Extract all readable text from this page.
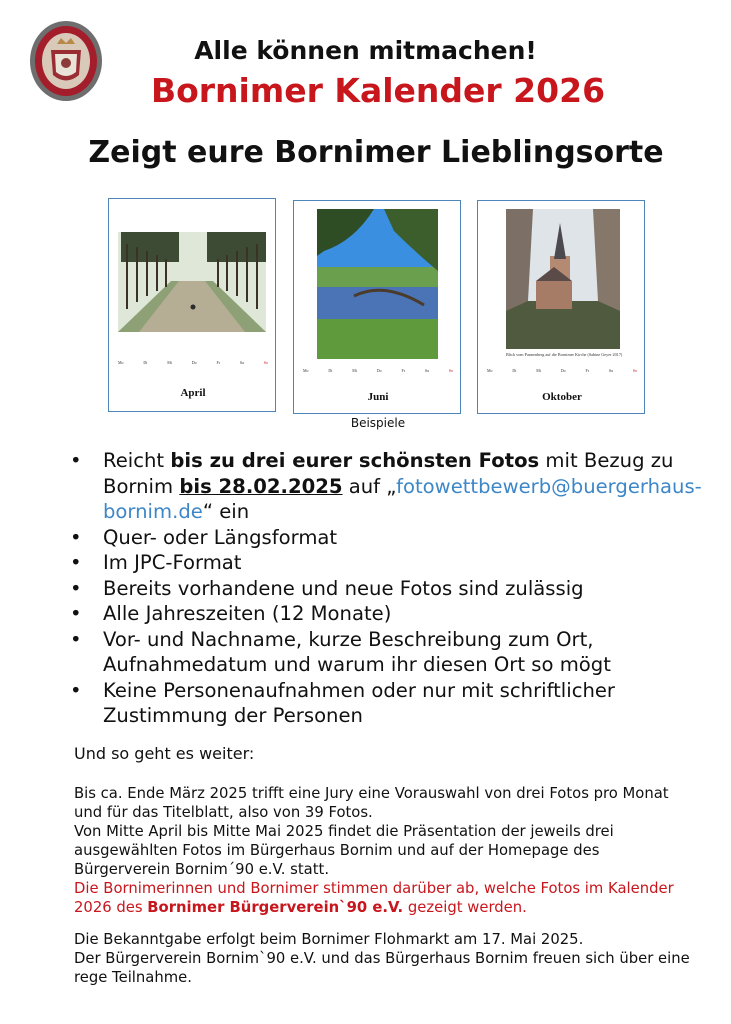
Alle können mitmachen!
Bornimer Kalender 2026
Zeigt eure Bornimer Lieblingsorte
Mo	Di	Mi	Do	Fr	Sa	So
April
Mo	Di	Mi	Do	Fr	Sa	So
Juni
Blick vom Pannenberg auf die Bornimer Kirche (Sabine Geyer 2017)
Mo	Di	Mi	Do	Fr	Sa	So
Oktober
Beispiele
• Reicht bis zu drei eurer schönsten Fotos mit Bezug zu Bornim bis 28.02.2025 auf „fotowettbewerb@buergerhaus-bornim.de“ ein
• Quer- oder Längsformat
• Im JPC-Format
• Bereits vorhandene und neue Fotos sind zulässig
• Alle Jahreszeiten (12 Monate)
• Vor- und Nachname, kurze Beschreibung zum Ort, Aufnahmedatum und warum ihr diesen Ort so mögt
• Keine Personenaufnahmen oder nur mit schriftlicher Zustimmung der Personen
Und so geht es weiter:
Bis ca. Ende März 2025 trifft eine Jury eine Vorauswahl von drei Fotos pro Monat und für das Titelblatt, also von 39 Fotos.
Von Mitte April bis Mitte Mai 2025 findet die Präsentation der jeweils drei ausgewählten Fotos im Bürgerhaus Bornim und auf der Homepage des Bürgerverein Bornim´90 e.V. statt.
Die Bornimerinnen und Bornimer stimmen darüber ab, welche Fotos im Kalender 2026 des Bornimer Bürgerverein`90 e.V. gezeigt werden.
Die Bekanntgabe erfolgt beim Bornimer Flohmarkt am 17. Mai 2025.
Der Bürgerverein Bornim`90 e.V. und das Bürgerhaus Bornim freuen sich über eine rege Teilnahme.
